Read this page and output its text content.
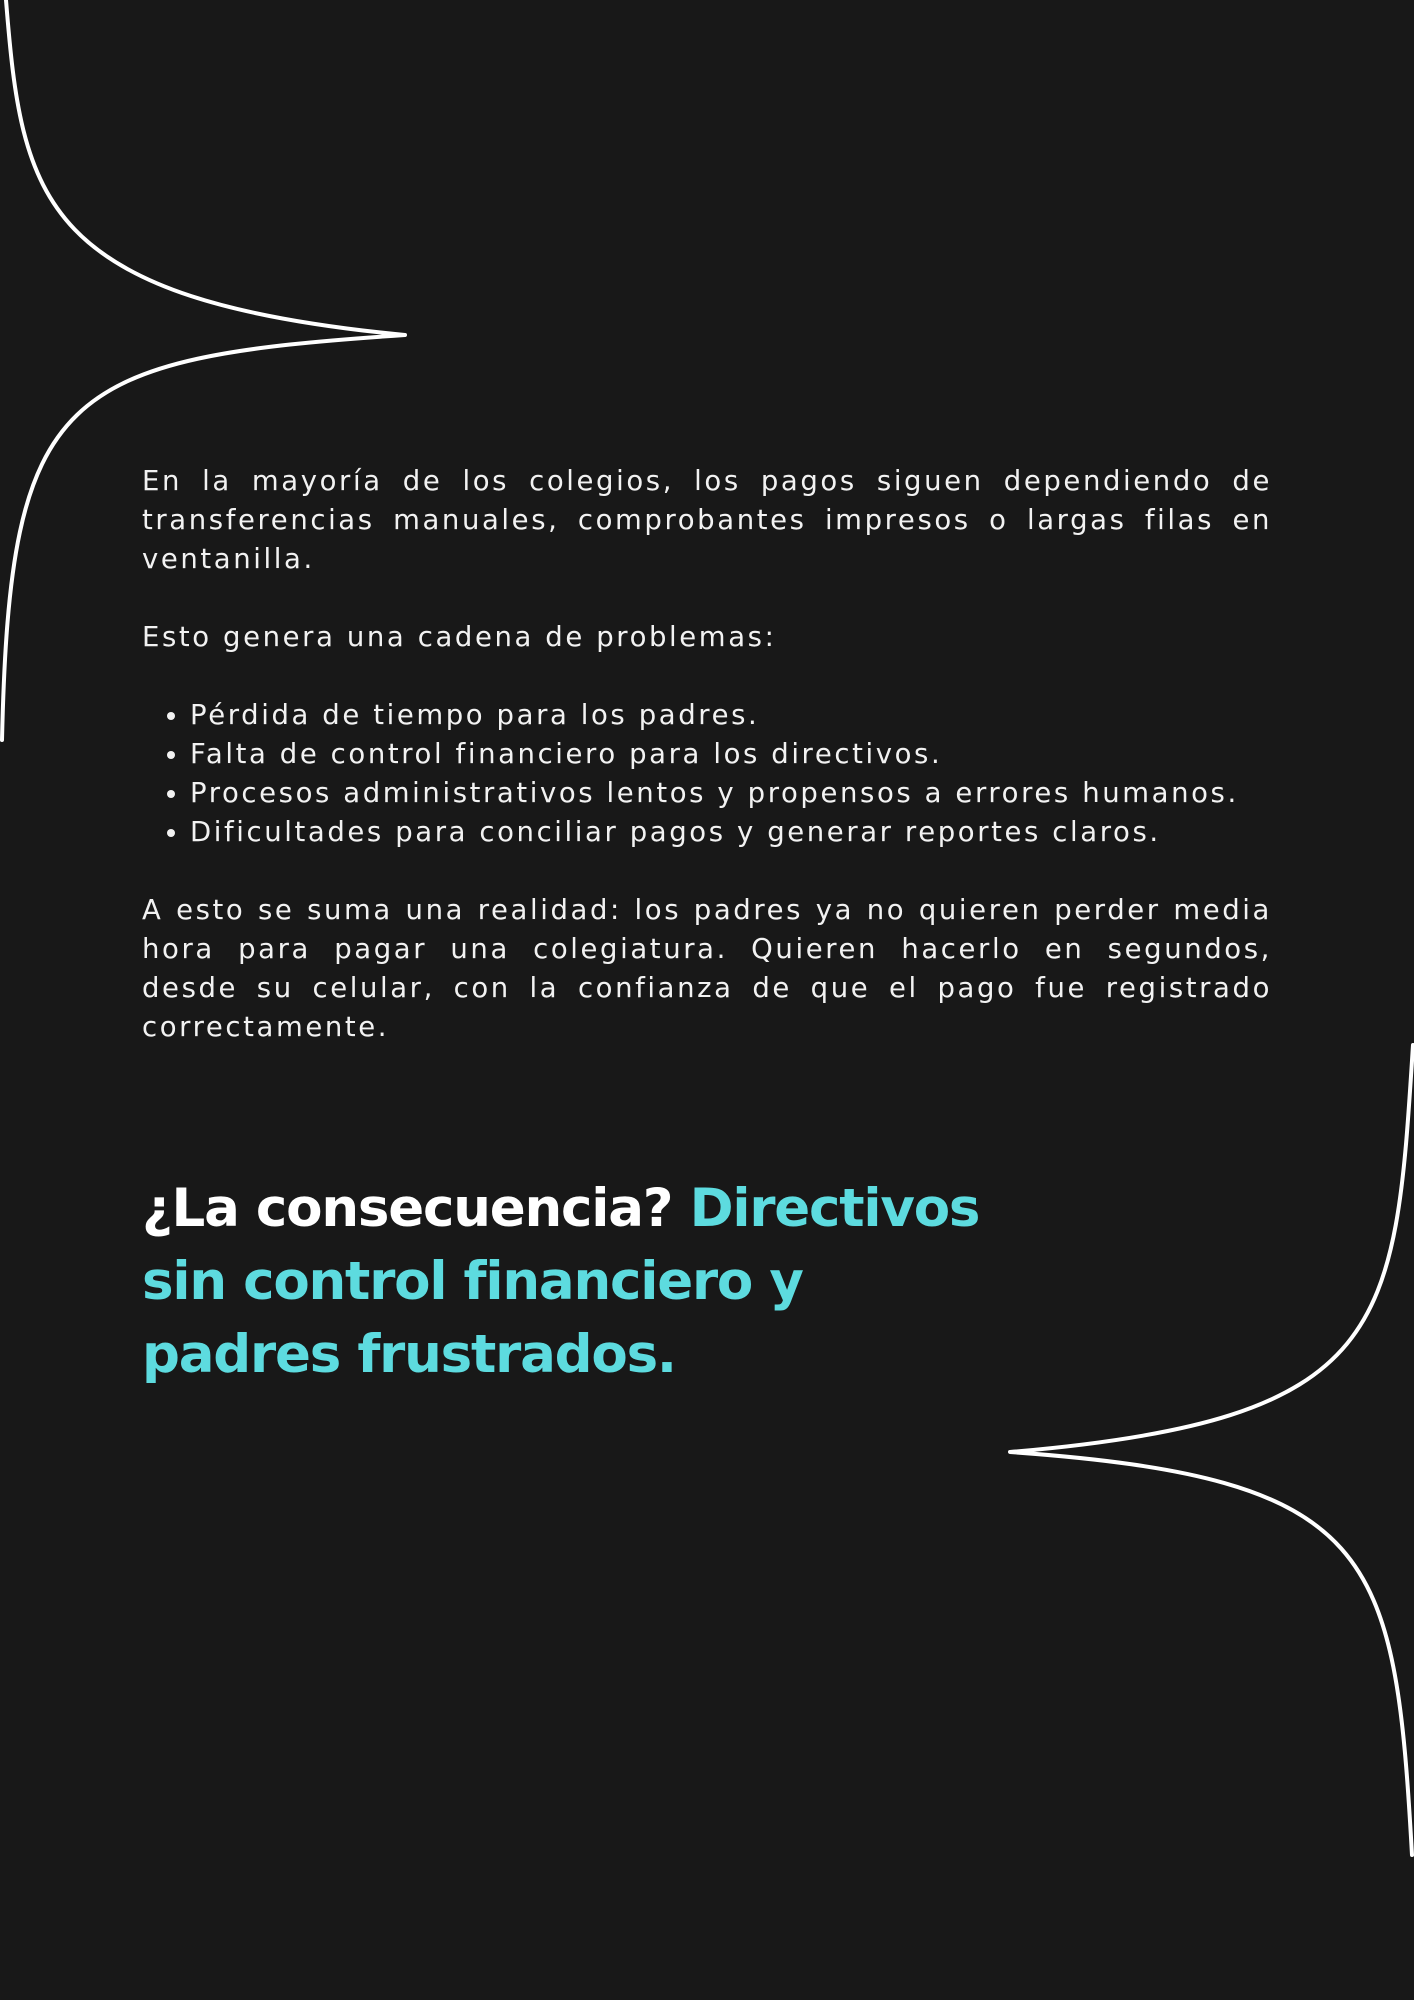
En la mayoría de los colegios, los pagos siguen dependiendo de transferencias manuales, comprobantes impresos o largas filas en ventanilla.

Esto genera una cadena de problemas:

• Pérdida de tiempo para los padres.
• Falta de control financiero para los directivos.
• Procesos administrativos lentos y propensos a errores humanos.
• Dificultades para conciliar pagos y generar reportes claros.

A esto se suma una realidad: los padres ya no quieren perder media hora para pagar una colegiatura. Quieren hacerlo en segundos, desde su celular, con la confianza de que el pago fue registrado correctamente.

¿La consecuencia? Directivos sin control financiero y padres frustrados.
